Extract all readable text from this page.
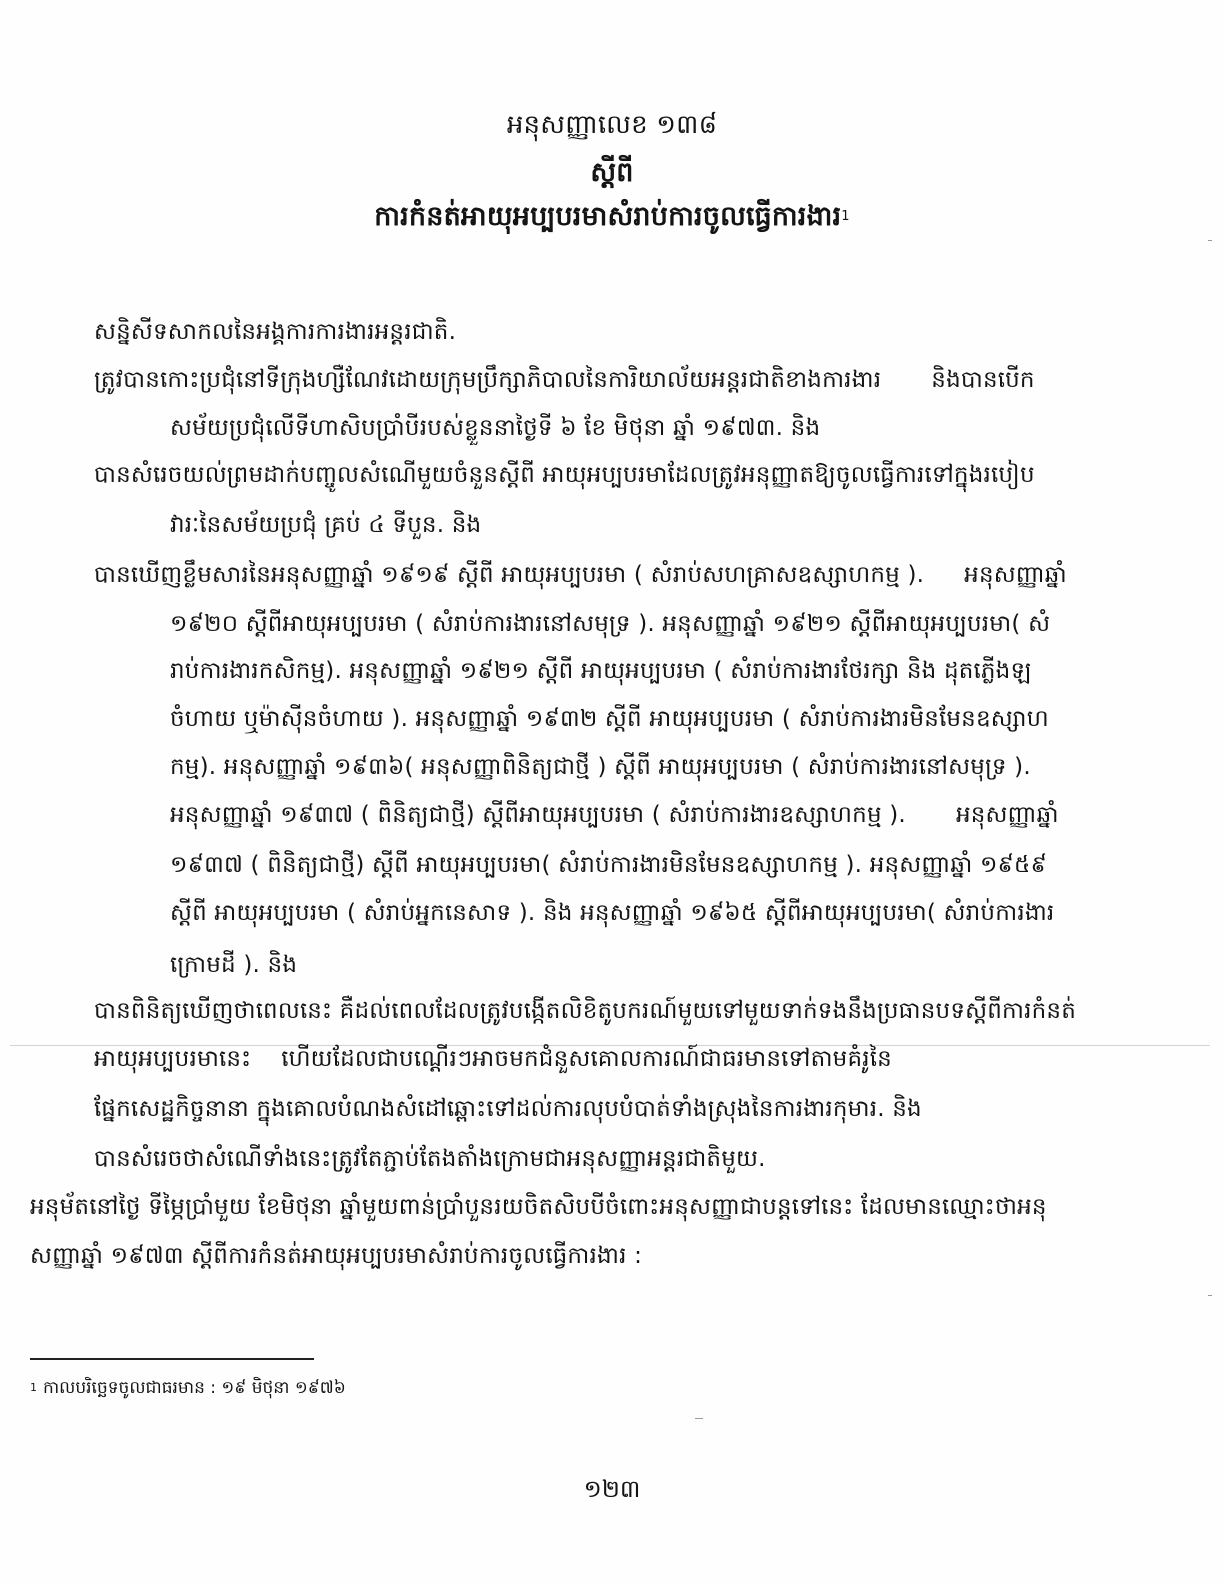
អនុសញ្ញាលេខ ១៣៨
ស្តីពី
ការកំនត់អាយុអប្បបរមាសំរាប់ការចូលធ្វើការងារ$^1$
សន្និសីទសាកលនៃអង្គការការងារអន្តរជាតិ.
ត្រូវបានកោះប្រជុំនៅទីក្រុងហ្សឺណែវដោយក្រុមប្រឹក្សាភិបាលនៃការិយាល័យអន្តរជាតិខាងការងារ និងបានបើក
សម័យប្រជុំលើទីហាសិបប្រាំបីរបស់ខ្លួននាថ្ងៃទី ៦ ខែ មិថុនា ឆ្នាំ ១៩៧៣. និង
បានសំរេចយល់ព្រមដាក់បញ្ចូលសំណើមួយចំនួនស្តីពី អាយុអប្បបរមាដែលត្រូវអនុញ្ញាតឱ្យចូលធ្វើការទៅក្នុងរបៀប
វារៈនៃសម័យប្រជុំ គ្រប់ ៤ ទីបួន. និង
បានឃើញខ្លឹមសារនៃអនុសញ្ញាឆ្នាំ ១៩១៩ ស្តីពី អាយុអប្បបរមា ( សំរាប់សហគ្រាសឧស្សាហកម្ម ). អនុសញ្ញាឆ្នាំ
១៩២០ ស្តីពីអាយុអប្បបរមា ( សំរាប់ការងារនៅសមុទ្រ ). អនុសញ្ញាឆ្នាំ ១៩២១ ស្តីពីអាយុអប្បបរមា( សំ
រាប់ការងារកសិកម្ម). អនុសញ្ញាឆ្នាំ ១៩២១ ស្តីពី អាយុអប្បបរមា ( សំរាប់ការងារថែរក្សា និង ដុតភ្លើងឡ
ចំហាយ ឬម៉ាស៊ីនចំហាយ ). អនុសញ្ញាឆ្នាំ ១៩៣២ ស្តីពី អាយុអប្បបរមា ( សំរាប់ការងារមិនមែនឧស្សាហ
កម្ម). អនុសញ្ញាឆ្នាំ ១៩៣៦( អនុសញ្ញាពិនិត្យជាថ្មី ) ស្តីពី អាយុអប្បបរមា ( សំរាប់ការងារនៅសមុទ្រ ).
អនុសញ្ញាឆ្នាំ ១៩៣៧ ( ពិនិត្យជាថ្មី) ស្តីពីអាយុអប្បបរមា ( សំរាប់ការងារឧស្សាហកម្ម ). អនុសញ្ញាឆ្នាំ
១៩៣៧ ( ពិនិត្យជាថ្មី) ស្តីពី អាយុអប្បបរមា( សំរាប់ការងារមិនមែនឧស្សាហកម្ម ). អនុសញ្ញាឆ្នាំ ១៩៥៩
ស្តីពី អាយុអប្បបរមា ( សំរាប់អ្នកនេសាទ ). និង អនុសញ្ញាឆ្នាំ ១៩៦៥ ស្តីពីអាយុអប្បបរមា( សំរាប់ការងារ
ក្រោមដី ). និង
បានពិនិត្យឃើញថាពេលនេះ គឺដល់ពេលដែលត្រូវបង្កើតលិខិតូបករណ៍មួយទៅមួយទាក់ទងនឹងប្រធានបទស្តីពីការកំនត់
អាយុអប្បបរមានេះ ហើយដែលជាបណ្តើរៗអាចមកជំនួសគោលការណ៍ជាធរមានទៅតាមគំរូនៃ
ផ្នែកសេដ្ឋកិច្ចនានា ក្នុងគោលបំណងសំដៅឆ្ពោះទៅដល់ការលុបបំបាត់ទាំងស្រុងនៃការងារកុមារ. និង
បានសំរេចថាសំណើទាំងនេះត្រូវតែភ្ជាប់តែងតាំងក្រោមជាអនុសញ្ញាអន្តរជាតិមួយ.
អនុម័តនៅថ្ងៃ ទីម្ភៃប្រាំមួយ ខែមិថុនា ឆ្នាំមួយពាន់ប្រាំបួនរយចិតសិបបីចំពោះអនុសញ្ញាជាបន្តទៅនេះ ដែលមានឈ្មោះថាអនុ
សញ្ញាឆ្នាំ ១៩៧៣ ស្តីពីការកំនត់អាយុអប្បបរមាសំរាប់ការចូលធ្វើការងារ :
$^1$ កាលបរិច្ឆេទចូលជាធរមាន : ១៩ មិថុនា ១៩៧៦
១២៣
